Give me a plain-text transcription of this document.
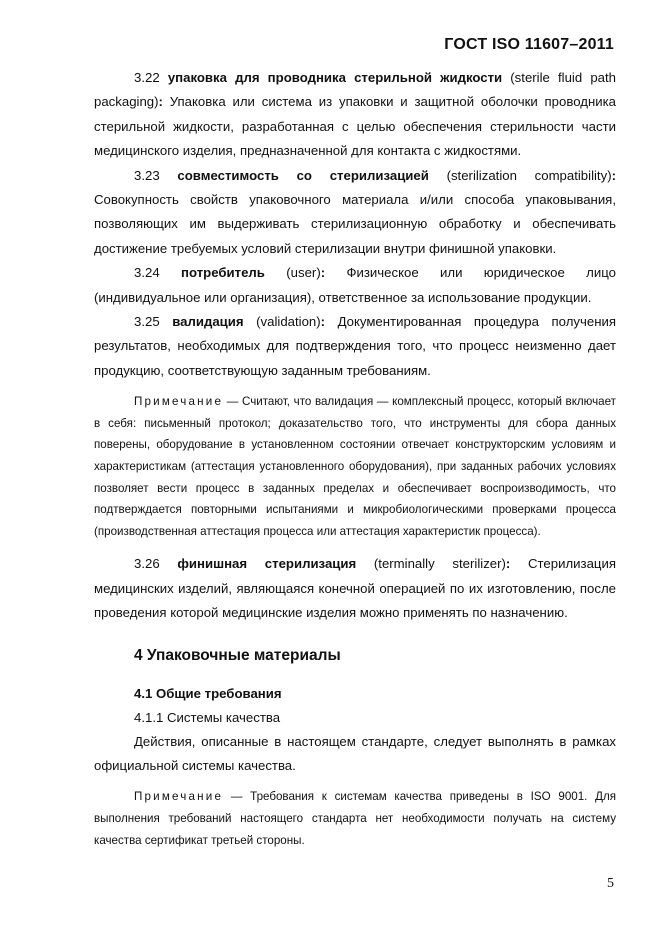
ГОСТ ISO 11607–2011

3.22 упаковка для проводника стерильной жидкости (sterile fluid path packaging): Упаковка или система из упаковки и защитной оболочки проводника стерильной жидкости, разработанная с целью обеспечения стерильности части медицинского изделия, предназначенной для контакта с жидкостями.

3.23 совместимость со стерилизацией (sterilization compatibility): Совокупность свойств упаковочного материала и/или способа упаковывания, позволяющих им выдерживать стерилизационную обработку и обеспечивать достижение требуемых условий стерилизации внутри финишной упаковки.

3.24 потребитель (user): Физическое или юридическое лицо (индивидуальное или организация), ответственное за использование продукции.

3.25 валидация (validation): Документированная процедура получения результатов, необходимых для подтверждения того, что процесс неизменно дает продукцию, соответствующую заданным требованиям.

Примечание — Считают, что валидация — комплексный процесс, который включает в себя: письменный протокол; доказательство того, что инструменты для сбора данных поверены, оборудование в установленном состоянии отвечает конструкторским условиям и характеристикам (аттестация установленного оборудования), при заданных рабочих условиях позволяет вести процесс в заданных пределах и обеспечивает воспроизводимость, что подтверждается повторными испытаниями и микробиологическими проверками процесса (производственная аттестация процесса или аттестация характеристик процесса).

3.26 финишная стерилизация (terminally sterilizer): Стерилизация медицинских изделий, являющаяся конечной операцией по их изготовлению, после проведения которой медицинские изделия можно применять по назначению.

4 Упаковочные материалы
4.1 Общие требования
4.1.1 Системы качества

Действия, описанные в настоящем стандарте, следует выполнять в рамках официальной системы качества.

Примечание — Требования к системам качества приведены в ISO 9001. Для выполнения требований настоящего стандарта нет необходимости получать на систему качества сертификат третьей стороны.

5
